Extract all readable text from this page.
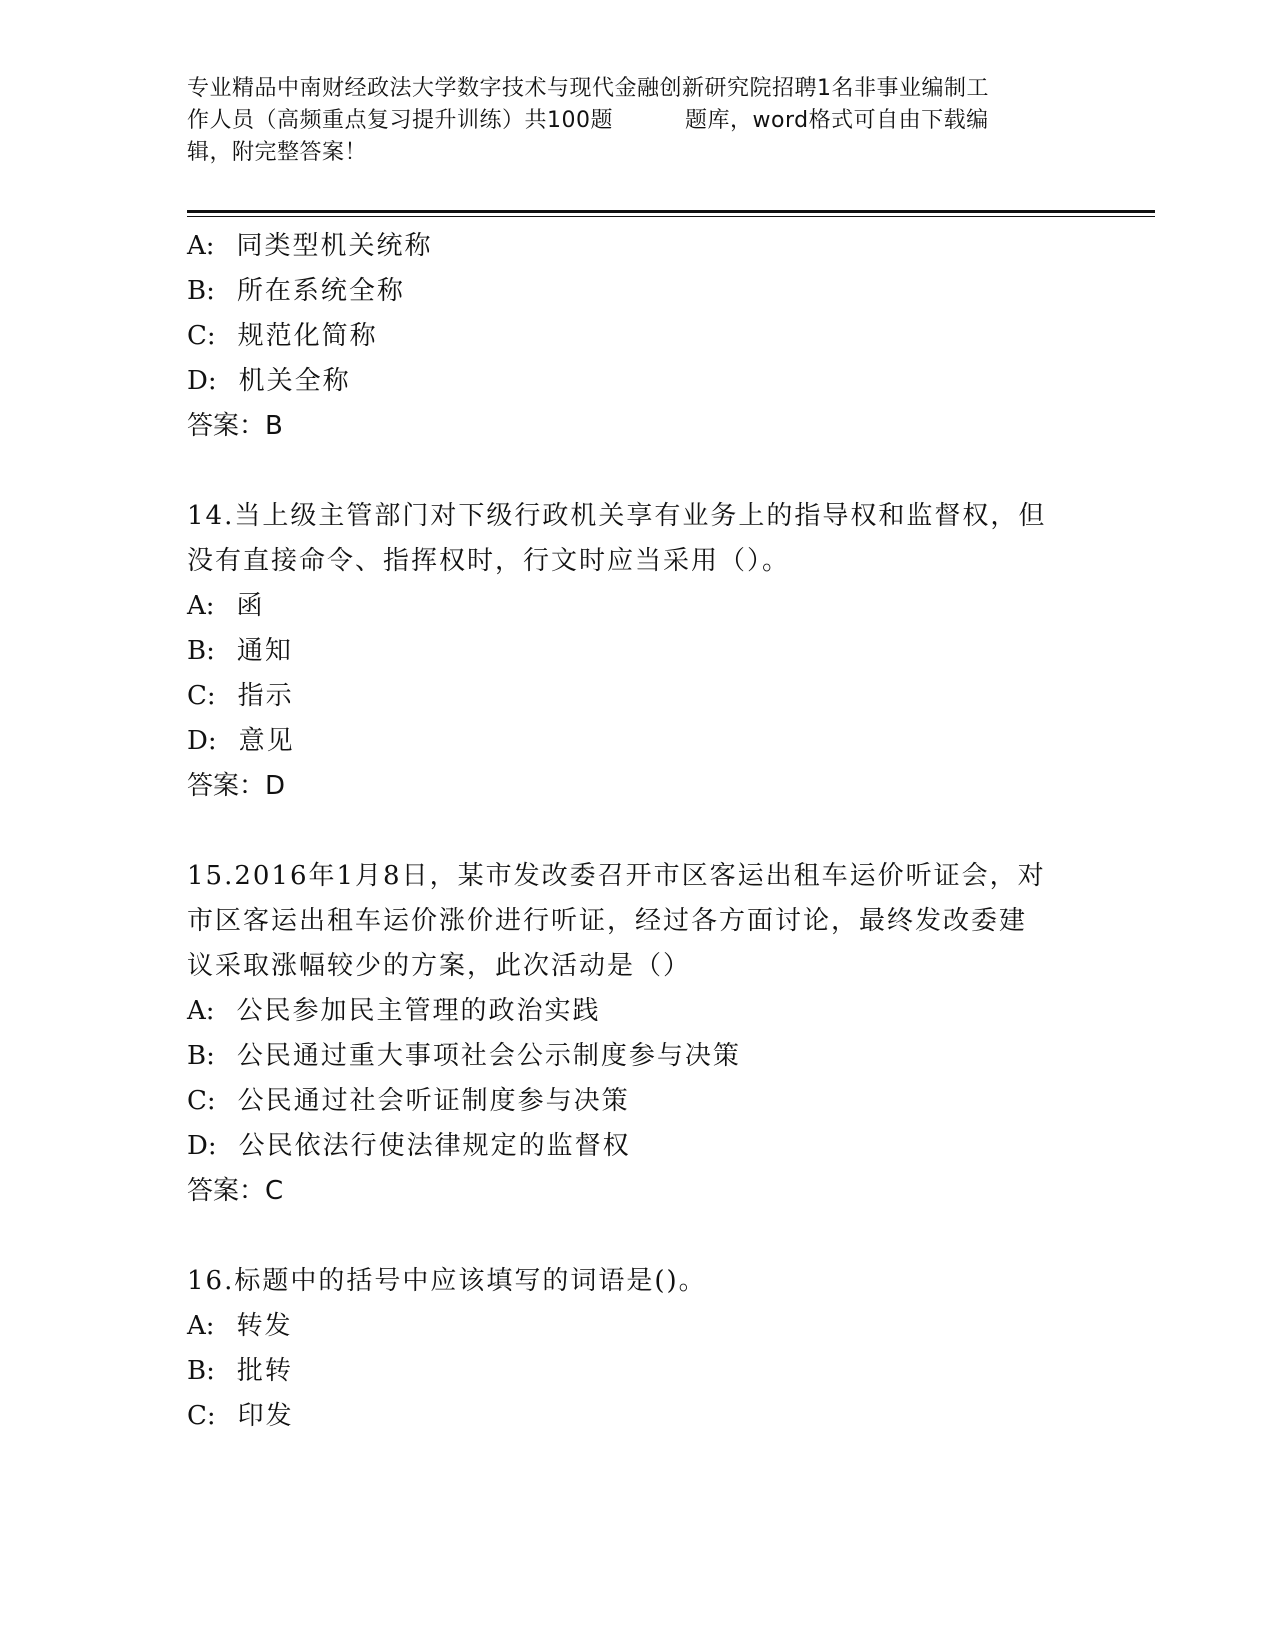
专业精品中南财经政法大学数字技术与现代金融创新研究院招聘1名非事业编制工
作人员（高频重点复习提升训练）共100题	题库，word格式可自由下载编
辑，附完整答案！
A: 同类型机关统称
B: 所在系统全称
C: 规范化简称
D: 机关全称
答案：B
14.当上级主管部门对下级行政机关享有业务上的指导权和监督权，但
没有直接命令、指挥权时，行文时应当采用（）。
A: 函
B: 通知
C: 指示
D: 意见
答案：D
15.2016年1月8日，某市发改委召开市区客运出租车运价听证会，对
市区客运出租车运价涨价进行听证，经过各方面讨论，最终发改委建
议采取涨幅较少的方案，此次活动是（）
A: 公民参加民主管理的政治实践
B: 公民通过重大事项社会公示制度参与决策
C: 公民通过社会听证制度参与决策
D: 公民依法行使法律规定的监督权
答案：C
16.标题中的括号中应该填写的词语是()。
A: 转发
B: 批转
C: 印发
